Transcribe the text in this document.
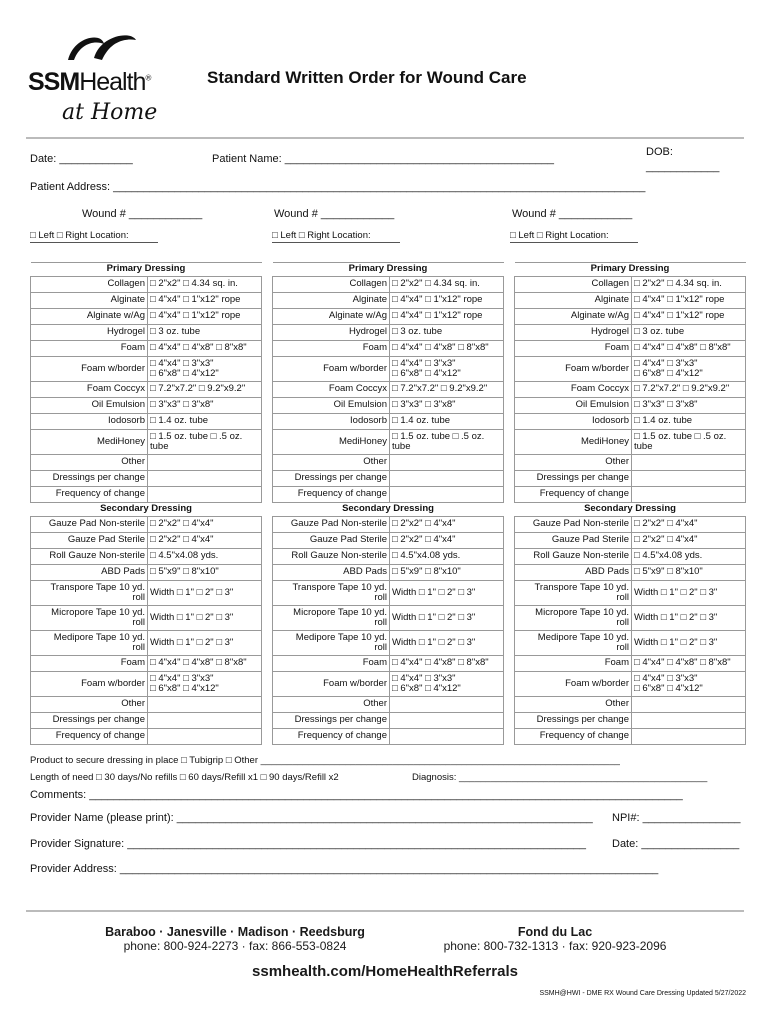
SSMHealth®
at Home
Standard Written Order for Wound Care
Date: ____________	Patient Name: ____________________________________________
DOB:
____________
Patient Address: _______________________________________________________________________________________
Wound # ____________	Wound # ____________	Wound # ____________
□ Left □ Right Location:	□ Left □ Right Location:	□ Left □ Right Location:
Primary Dressing	
Collagen	□ 2"x2" □ 4.34 sq. in.
Alginate	□ 4"x4" □ 1"x12" rope
Alginate w/Ag	□ 4"x4" □ 1"x12" rope
Hydrogel	□ 3 oz. tube
Foam	□ 4"x4" □ 4"x8" □ 8"x8"
Foam w/border	□ 4"x4" □ 3"x3"
□ 6"x8" □ 4"x12"
Foam Coccyx	□ 7.2"x7.2" □ 9.2"x9.2"
Oil Emulsion	□ 3"x3" □ 3"x8"
Iodosorb	□ 1.4 oz. tube
MediHoney	□ 1.5 oz. tube □ .5 oz.
tube
Other	
Dressings per change	
Frequency of change	
Secondary Dressing	
Gauze Pad Non-sterile	□ 2"x2" □ 4"x4"
Gauze Pad Sterile	□ 2"x2" □ 4"x4"
Roll Gauze Non-sterile	□ 4.5"x4.08 yds.
ABD Pads	□ 5"x9" □ 8"x10"
Transpore Tape 10 yd.
roll	Width □ 1" □ 2" □ 3"
Micropore Tape 10 yd.
roll	Width □ 1" □ 2" □ 3"
Medipore Tape 10 yd.
roll	Width □ 1" □ 2" □ 3"
Foam	□ 4"x4" □ 4"x8" □ 8"x8"
Foam w/border	□ 4"x4" □ 3"x3"
□ 6"x8" □ 4"x12"
Other	
Dressings per change	
Frequency of change	
Primary Dressing	
Collagen	□ 2"x2" □ 4.34 sq. in.
Alginate	□ 4"x4" □ 1"x12" rope
Alginate w/Ag	□ 4"x4" □ 1"x12" rope
Hydrogel	□ 3 oz. tube
Foam	□ 4"x4" □ 4"x8" □ 8"x8"
Foam w/border	□ 4"x4" □ 3"x3"
□ 6"x8" □ 4"x12"
Foam Coccyx	□ 7.2"x7.2" □ 9.2"x9.2"
Oil Emulsion	□ 3"x3" □ 3"x8"
Iodosorb	□ 1.4 oz. tube
MediHoney	□ 1.5 oz. tube □ .5 oz.
tube
Other	
Dressings per change	
Frequency of change	
Secondary Dressing	
Gauze Pad Non-sterile	□ 2"x2" □ 4"x4"
Gauze Pad Sterile	□ 2"x2" □ 4"x4"
Roll Gauze Non-sterile	□ 4.5"x4.08 yds.
ABD Pads	□ 5"x9" □ 8"x10"
Transpore Tape 10 yd.
roll	Width □ 1" □ 2" □ 3"
Micropore Tape 10 yd.
roll	Width □ 1" □ 2" □ 3"
Medipore Tape 10 yd.
roll	Width □ 1" □ 2" □ 3"
Foam	□ 4"x4" □ 4"x8" □ 8"x8"
Foam w/border	□ 4"x4" □ 3"x3"
□ 6"x8" □ 4"x12"
Other	
Dressings per change	
Frequency of change	
Primary Dressing	
Collagen	□ 2"x2" □ 4.34 sq. in.
Alginate	□ 4"x4" □ 1"x12" rope
Alginate w/Ag	□ 4"x4" □ 1"x12" rope
Hydrogel	□ 3 oz. tube
Foam	□ 4"x4" □ 4"x8" □ 8"x8"
Foam w/border	□ 4"x4" □ 3"x3"
□ 6"x8" □ 4"x12"
Foam Coccyx	□ 7.2"x7.2" □ 9.2"x9.2"
Oil Emulsion	□ 3"x3" □ 3"x8"
Iodosorb	□ 1.4 oz. tube
MediHoney	□ 1.5 oz. tube □ .5 oz.
tube
Other	
Dressings per change	
Frequency of change	
Secondary Dressing	
Gauze Pad Non-sterile	□ 2"x2" □ 4"x4"
Gauze Pad Sterile	□ 2"x2" □ 4"x4"
Roll Gauze Non-sterile	□ 4.5"x4.08 yds.
ABD Pads	□ 5"x9" □ 8"x10"
Transpore Tape 10 yd.
roll	Width □ 1" □ 2" □ 3"
Micropore Tape 10 yd.
roll	Width □ 1" □ 2" □ 3"
Medipore Tape 10 yd.
roll	Width □ 1" □ 2" □ 3"
Foam	□ 4"x4" □ 4"x8" □ 8"x8"
Foam w/border	□ 4"x4" □ 3"x3"
□ 6"x8" □ 4"x12"
Other	
Dressings per change	
Frequency of change	
Product to secure dressing in place □ Tubigrip □ Other ____________________________________________________________________
Length of need □ 30 days/No refills □ 60 days/Refill x1 □ 90 days/Refill x2	Diagnosis: _______________________________________________
Comments: _________________________________________________________________________________________________
Provider Name (please print): ____________________________________________________________________ NPI#: ________________
Provider Signature: ___________________________________________________________________________ Date: ________________
Provider Address: ________________________________________________________________________________________
Baraboo · Janesville · Madison · Reedsburg
phone: 800-924-2273 · fax: 866-553-0824
Fond du Lac
phone: 800-732-1313 · fax: 920-923-2096
ssmhealth.com/HomeHealthReferrals
SSMH@HWI - DME RX Wound Care Dressing Updated 5/27/2022
